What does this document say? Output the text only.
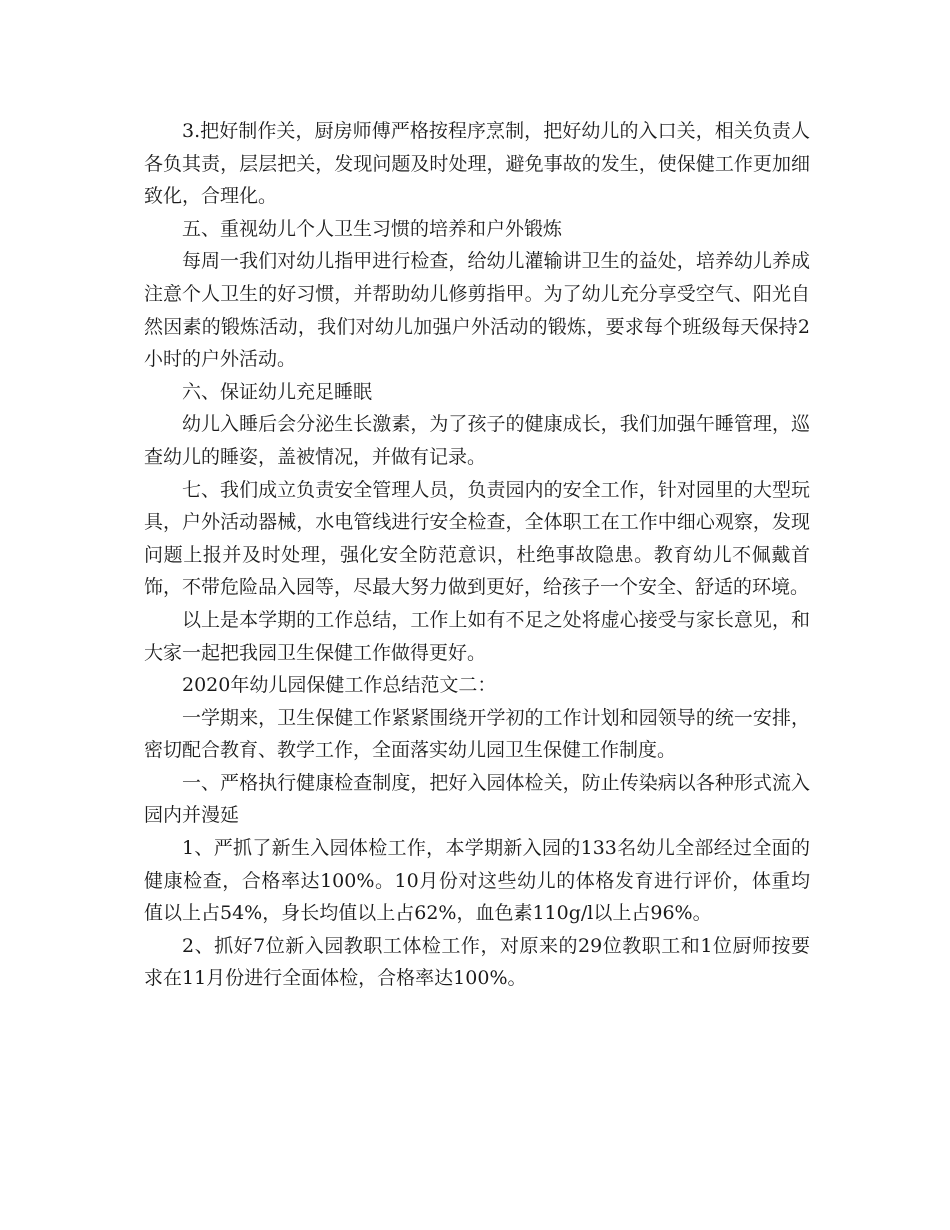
3.把好制作关，厨房师傅严格按程序烹制，把好幼儿的入口关，相关负责人各负其责，层层把关，发现问题及时处理，避免事故的发生，使保健工作更加细致化，合理化。

五、重视幼儿个人卫生习惯的培养和户外锻炼

每周一我们对幼儿指甲进行检查，给幼儿灌输讲卫生的益处，培养幼儿养成注意个人卫生的好习惯，并帮助幼儿修剪指甲。为了幼儿充分享受空气、阳光自然因素的锻炼活动，我们对幼儿加强户外活动的锻炼，要求每个班级每天保持2小时的户外活动。

六、保证幼儿充足睡眠

幼儿入睡后会分泌生长激素，为了孩子的健康成长，我们加强午睡管理，巡查幼儿的睡姿，盖被情况，并做有记录。

七、我们成立负责安全管理人员，负责园内的安全工作，针对园里的大型玩具，户外活动器械，水电管线进行安全检查，全体职工在工作中细心观察，发现问题上报并及时处理，强化安全防范意识，杜绝事故隐患。教育幼儿不佩戴首饰，不带危险品入园等，尽最大努力做到更好，给孩子一个安全、舒适的环境。

以上是本学期的工作总结，工作上如有不足之处将虚心接受与家长意见，和大家一起把我园卫生保健工作做得更好。

2020年幼儿园保健工作总结范文二：

一学期来，卫生保健工作紧紧围绕开学初的工作计划和园领导的统一安排，密切配合教育、教学工作，全面落实幼儿园卫生保健工作制度。

一、严格执行健康检查制度，把好入园体检关，防止传染病以各种形式流入园内并漫延

1、严抓了新生入园体检工作，本学期新入园的133名幼儿全部经过全面的健康检查，合格率达100%。10月份对这些幼儿的体格发育进行评价，体重均值以上占54%，身长均值以上占62%，血色素110g/l以上占96%。

2、抓好7位新入园教职工体检工作，对原来的29位教职工和1位厨师按要求在11月份进行全面体检，合格率达100%。
